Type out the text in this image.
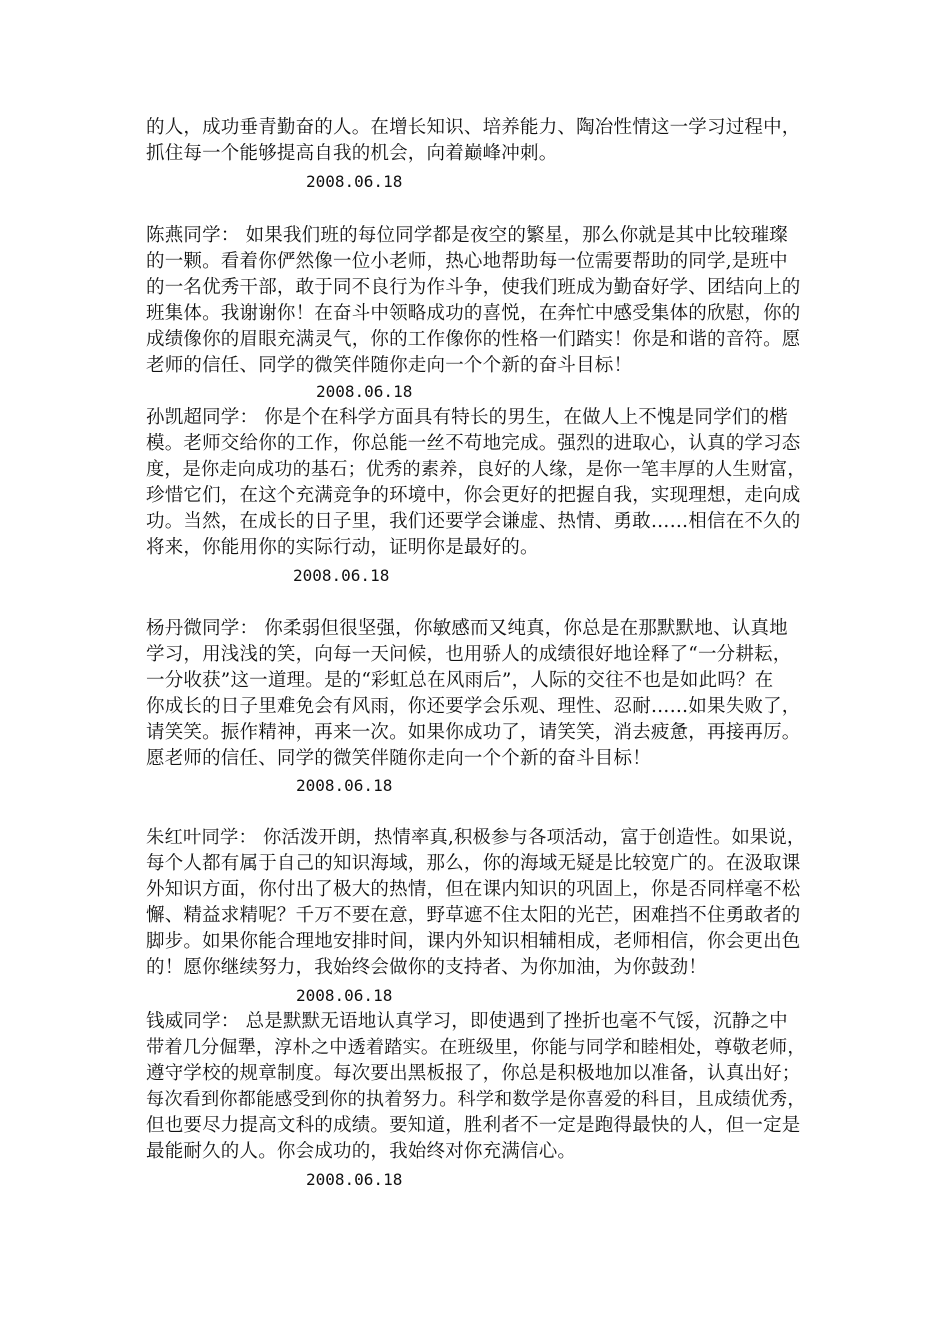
的人，成功垂青勤奋的人。在增长知识、培养能力、陶冶性情这一学习过程中，
抓住每一个能够提高自我的机会，向着巅峰冲刺。
2008.06.18
陈燕同学： 如果我们班的每位同学都是夜空的繁星，那么你就是其中比较璀璨
的一颗。看着你俨然像一位小老师，热心地帮助每一位需要帮助的同学,是班中
的一名优秀干部，敢于同不良行为作斗争，使我们班成为勤奋好学、团结向上的
班集体。我谢谢你！在奋斗中领略成功的喜悦，在奔忙中感受集体的欣慰，你的
成绩像你的眉眼充满灵气，你的工作像你的性格一们踏实！你是和谐的音符。愿
老师的信任、同学的微笑伴随你走向一个个新的奋斗目标！
2008.06.18
孙凯超同学： 你是个在科学方面具有特长的男生，在做人上不愧是同学们的楷
模。老师交给你的工作，你总能一丝不苟地完成。强烈的进取心，认真的学习态
度，是你走向成功的基石；优秀的素养，良好的人缘，是你一笔丰厚的人生财富，
珍惜它们，在这个充满竞争的环境中，你会更好的把握自我，实现理想，走向成
功。当然，在成长的日子里，我们还要学会谦虚、热情、勇敢……相信在不久的
将来，你能用你的实际行动，证明你是最好的。
2008.06.18
杨丹微同学： 你柔弱但很坚强，你敏感而又纯真，你总是在那默默地、认真地
学习，用浅浅的笑，向每一天问候，也用骄人的成绩很好地诠释了“一分耕耘，
一分收获”这一道理。是的“彩虹总在风雨后”，人际的交往不也是如此吗？在
你成长的日子里难免会有风雨，你还要学会乐观、理性、忍耐……如果失败了，
请笑笑。振作精神，再来一次。如果你成功了，请笑笑，消去疲惫，再接再厉。
愿老师的信任、同学的微笑伴随你走向一个个新的奋斗目标！
2008.06.18
朱红叶同学： 你活泼开朗，热情率真,积极参与各项活动，富于创造性。如果说，
每个人都有属于自己的知识海域，那么，你的海域无疑是比较宽广的。在汲取课
外知识方面，你付出了极大的热情，但在课内知识的巩固上，你是否同样毫不松
懈、精益求精呢？千万不要在意，野草遮不住太阳的光芒，困难挡不住勇敢者的
脚步。如果你能合理地安排时间，课内外知识相辅相成，老师相信，你会更出色
的！愿你继续努力，我始终会做你的支持者、为你加油，为你鼓劲！
2008.06.18
钱威同学： 总是默默无语地认真学习，即使遇到了挫折也毫不气馁，沉静之中
带着几分倔犟，淳朴之中透着踏实。在班级里，你能与同学和睦相处，尊敬老师，
遵守学校的规章制度。每次要出黑板报了，你总是积极地加以准备，认真出好；
每次看到你都能感受到你的执着努力。科学和数学是你喜爱的科目，且成绩优秀，
但也要尽力提高文科的成绩。要知道，胜利者不一定是跑得最快的人，但一定是
最能耐久的人。你会成功的，我始终对你充满信心。
2008.06.18
